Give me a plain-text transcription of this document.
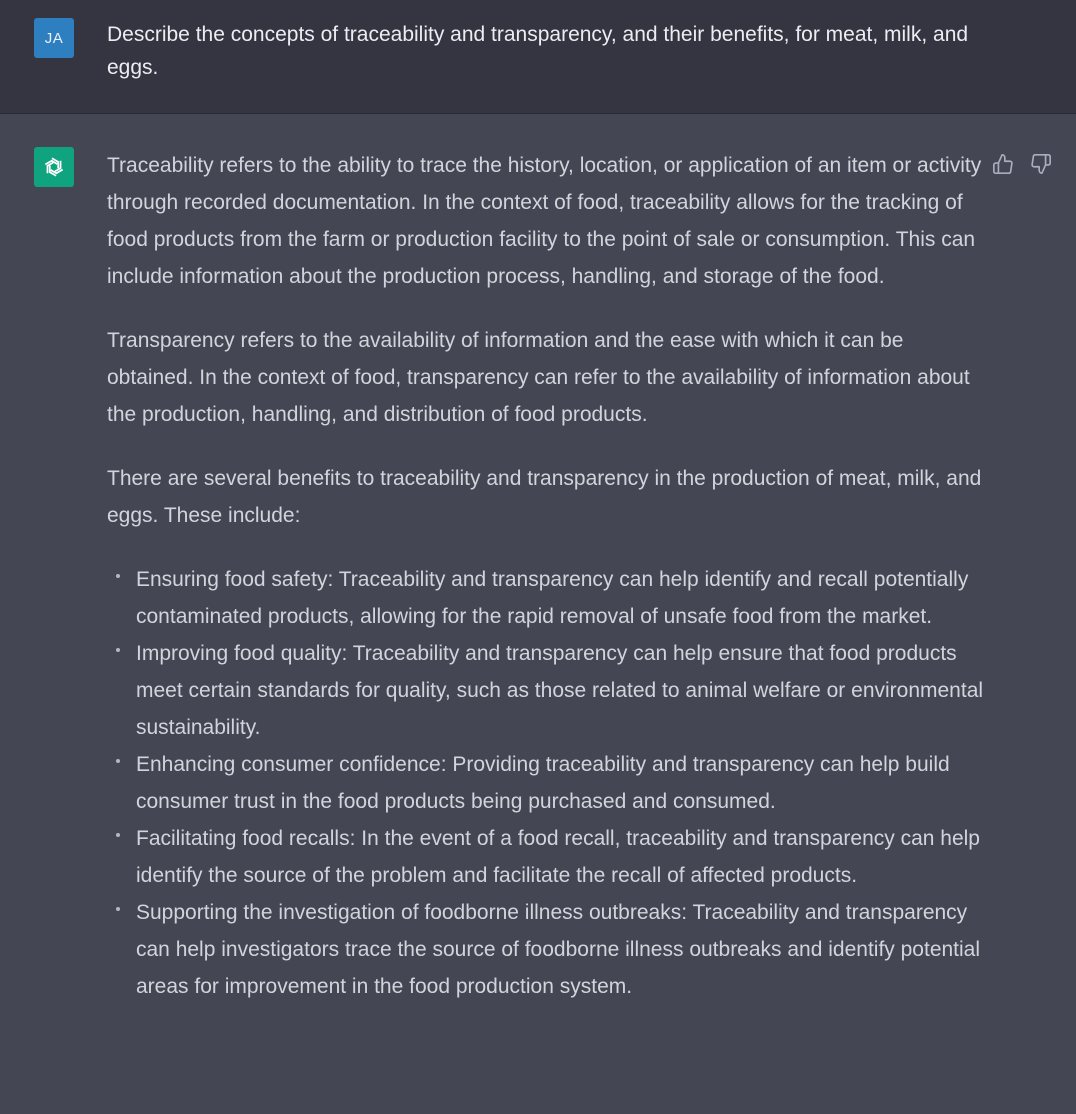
JA	Describe the concepts of traceability and transparency, and their benefits, for meat, milk, and eggs.

Traceability refers to the ability to trace the history, location, or application of an item or activity through recorded documentation. In the context of food, traceability allows for the tracking of food products from the farm or production facility to the point of sale or consumption. This can include information about the production process, handling, and storage of the food.

Transparency refers to the availability of information and the ease with which it can be obtained. In the context of food, transparency can refer to the availability of information about the production, handling, and distribution of food products.

There are several benefits to traceability and transparency in the production of meat, milk, and eggs. These include:

Ensuring food safety: Traceability and transparency can help identify and recall potentially contaminated products, allowing for the rapid removal of unsafe food from the market.
Improving food quality: Traceability and transparency can help ensure that food products meet certain standards for quality, such as those related to animal welfare or environmental sustainability.
Enhancing consumer confidence: Providing traceability and transparency can help build consumer trust in the food products being purchased and consumed.
Facilitating food recalls: In the event of a food recall, traceability and transparency can help identify the source of the problem and facilitate the recall of affected products.
Supporting the investigation of foodborne illness outbreaks: Traceability and transparency can help investigators trace the source of foodborne illness outbreaks and identify potential areas for improvement in the food production system.
